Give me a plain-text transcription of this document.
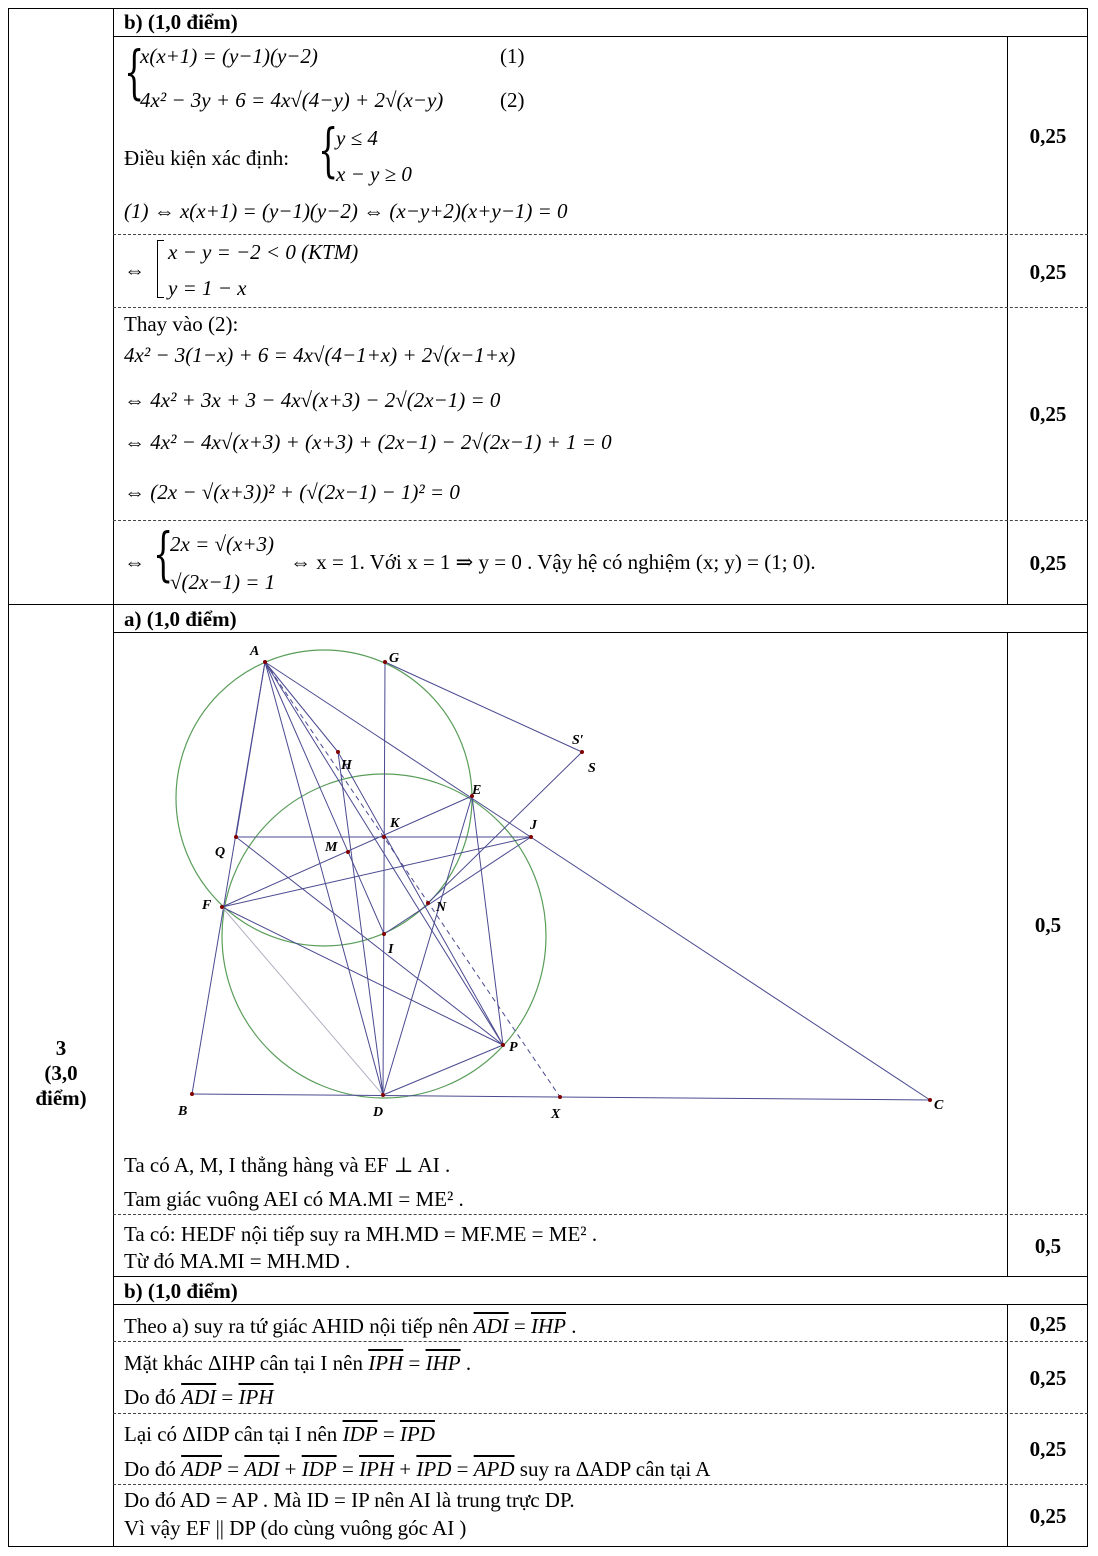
b) (1,0 điểm)
{
x(x+1) = (y−1)(y−2)	(1)
4x² − 3y + 6 = 4x√(4−y) + 2√(x−y)	(2)
Điều kiện xác định: {
y ≤ 4
x − y ≥ 0
(1) ⇔ x(x+1) = (y−1)(y−2) ⇔ (x−y+2)(x+y−1) = 0
0,25
⇔
x − y = −2 < 0 (KTM)
y = 1 − x
0,25
Thay vào (2):
4x² − 3(1−x) + 6 = 4x√(4−1+x) + 2√(x−1+x)
⇔ 4x² + 3x + 3 − 4x√(x+3) − 2√(2x−1) = 0
⇔ 4x² − 4x√(x+3) + (x+3) + (2x−1) − 2√(2x−1) + 1 = 0
⇔ (2x − √(x+3))² + (√(2x−1) − 1)² = 0
0,25
⇔ {
2x = √(x+3)
√(2x−1) = 1
⇔ x = 1. Với x = 1 ⇒ y = 0 . Vậy hệ có nghiệm (x; y) = (1; 0).	0,25
3
(3,0
điểm)
a) (1,0 điểm)
A	G
S′
S
H
E
K	J
Q	M
F	N
I
P
B	D	X
C
Ta có A, M, I thẳng hàng và EF ⊥ AI .
Tam giác vuông AEI có MA.MI = ME² .
0,5
Ta có: HEDF nội tiếp suy ra MH.MD = MF.ME = ME² .
Từ đó MA.MI = MH.MD .
0,5
b) (1,0 điểm)
Theo a) suy ra tứ giác AHID nội tiếp nên $\overline{ADI} = \overline{IHP}$ .	0,25
Mặt khác ΔIHP cân tại I nên $\overline{IPH} = \overline{IHP}$ .
Do đó $\overline{ADI} = \overline{IPH}$
0,25
Lại có ΔIDP cân tại I nên $\overline{IDP} = \overline{IPD}$
Do đó $\overline{ADP} = \overline{ADI} + \overline{IDP} = \overline{IPH} + \overline{IPD} = \overline{APD}$ suy ra ΔADP cân tại A
0,25
Do đó AD = AP . Mà ID = IP nên AI là trung trực DP.
Vì vậy EF || DP (do cùng vuông góc AI )	0,25
